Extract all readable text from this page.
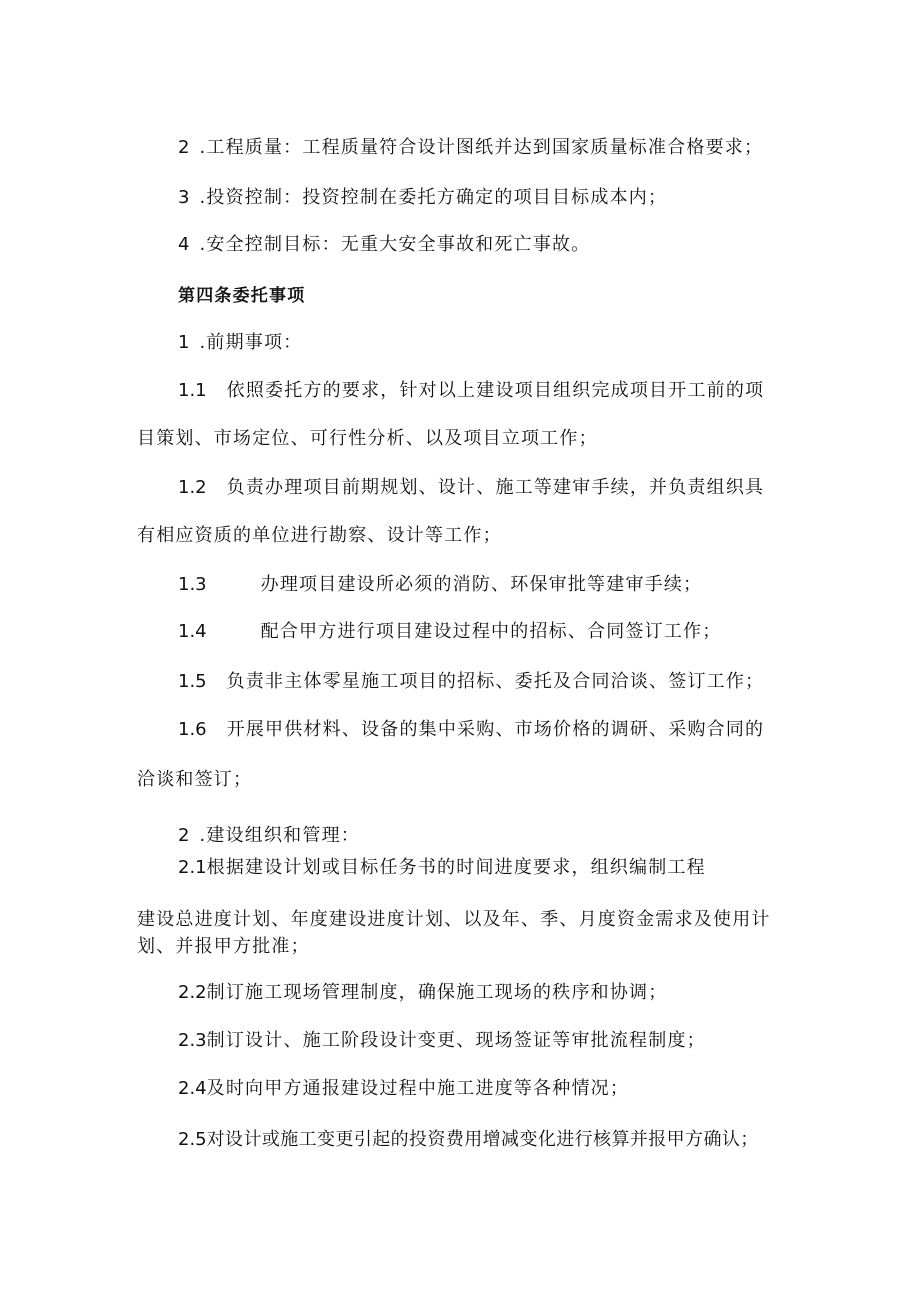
2 .工程质量：工程质量符合设计图纸并达到国家质量标准合格要求；
3 .投资控制：投资控制在委托方确定的项目目标成本内；
4 .安全控制目标：无重大安全事故和死亡事故。
第四条委托事项
1 .前期事项：
1.1 依照委托方的要求，针对以上建设项目组织完成项目开工前的项
目策划、市场定位、可行性分析、以及项目立项工作；
1.2 负责办理项目前期规划、设计、施工等建审手续，并负责组织具
有相应资质的单位进行勘察、设计等工作；
1.3	办理项目建设所必须的消防、环保审批等建审手续；
1.4	配合甲方进行项目建设过程中的招标、合同签订工作；
1.5 负责非主体零星施工项目的招标、委托及合同洽谈、签订工作；
1.6 开展甲供材料、设备的集中采购、市场价格的调研、采购合同的
洽谈和签订；
2 .建设组织和管理：
2.1根据建设计划或目标任务书的时间进度要求，组织编制工程
建设总进度计划、年度建设进度计划、以及年、季、月度资金需求及使用计
划、并报甲方批准；
2.2制订施工现场管理制度，确保施工现场的秩序和协调；
2.3制订设计、施工阶段设计变更、现场签证等审批流程制度；
2.4及时向甲方通报建设过程中施工进度等各种情况；
2.5对设计或施工变更引起的投资费用增减变化进行核算并报甲方确认；
